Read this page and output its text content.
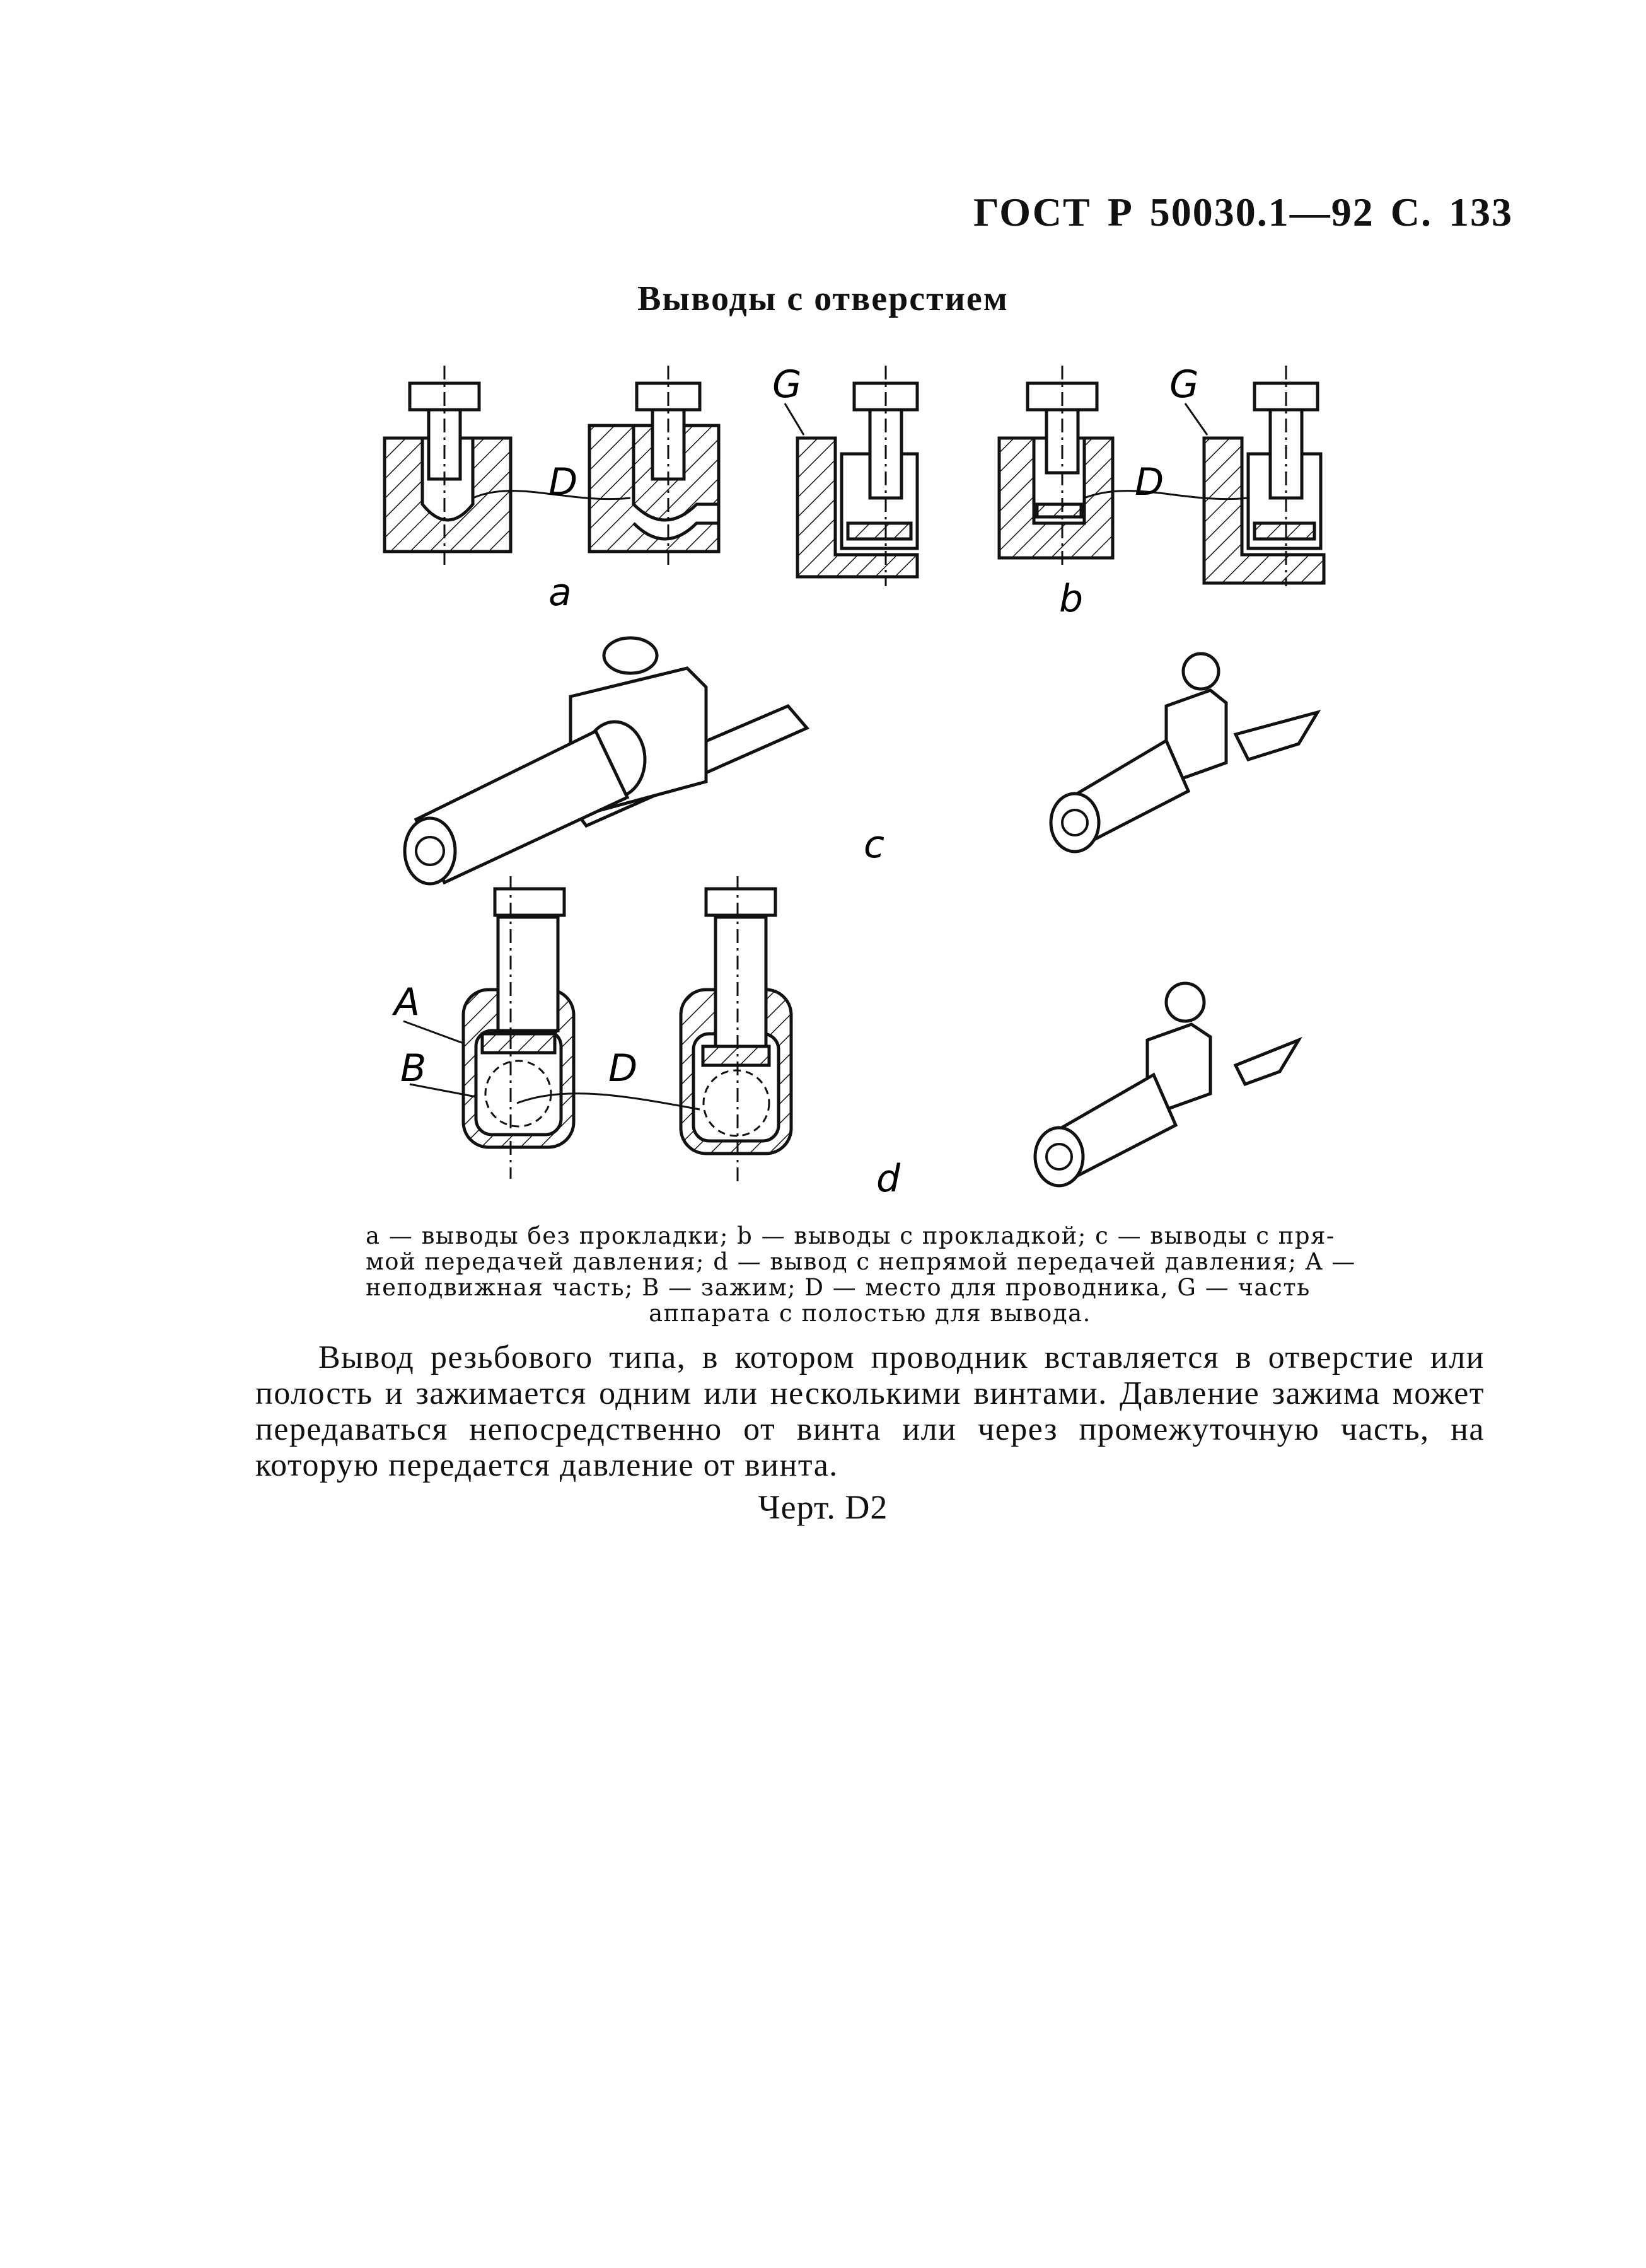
ГОСТ Р 50030.1—92 С. 133
Выводы с отверстием
D
a
G	G
D
b
c
A
B	D
d

a — выводы без прокладки; b — выводы с прокладкой; c — выводы с пря-

мой передачей давления; d — вывод с непрямой передачей давления; A —

неподвижная часть; B — зажим; D — место для проводника, G — часть

аппарата с полостью для вывода.

Вывод резьбового типа, в котором проводник вставляется в отверстие или полость и зажимается одним или несколькими винтами. Давление зажима может передаваться непосредственно от винта или через промежуточную часть, на которую передается давление от винта.
Черт. D2
